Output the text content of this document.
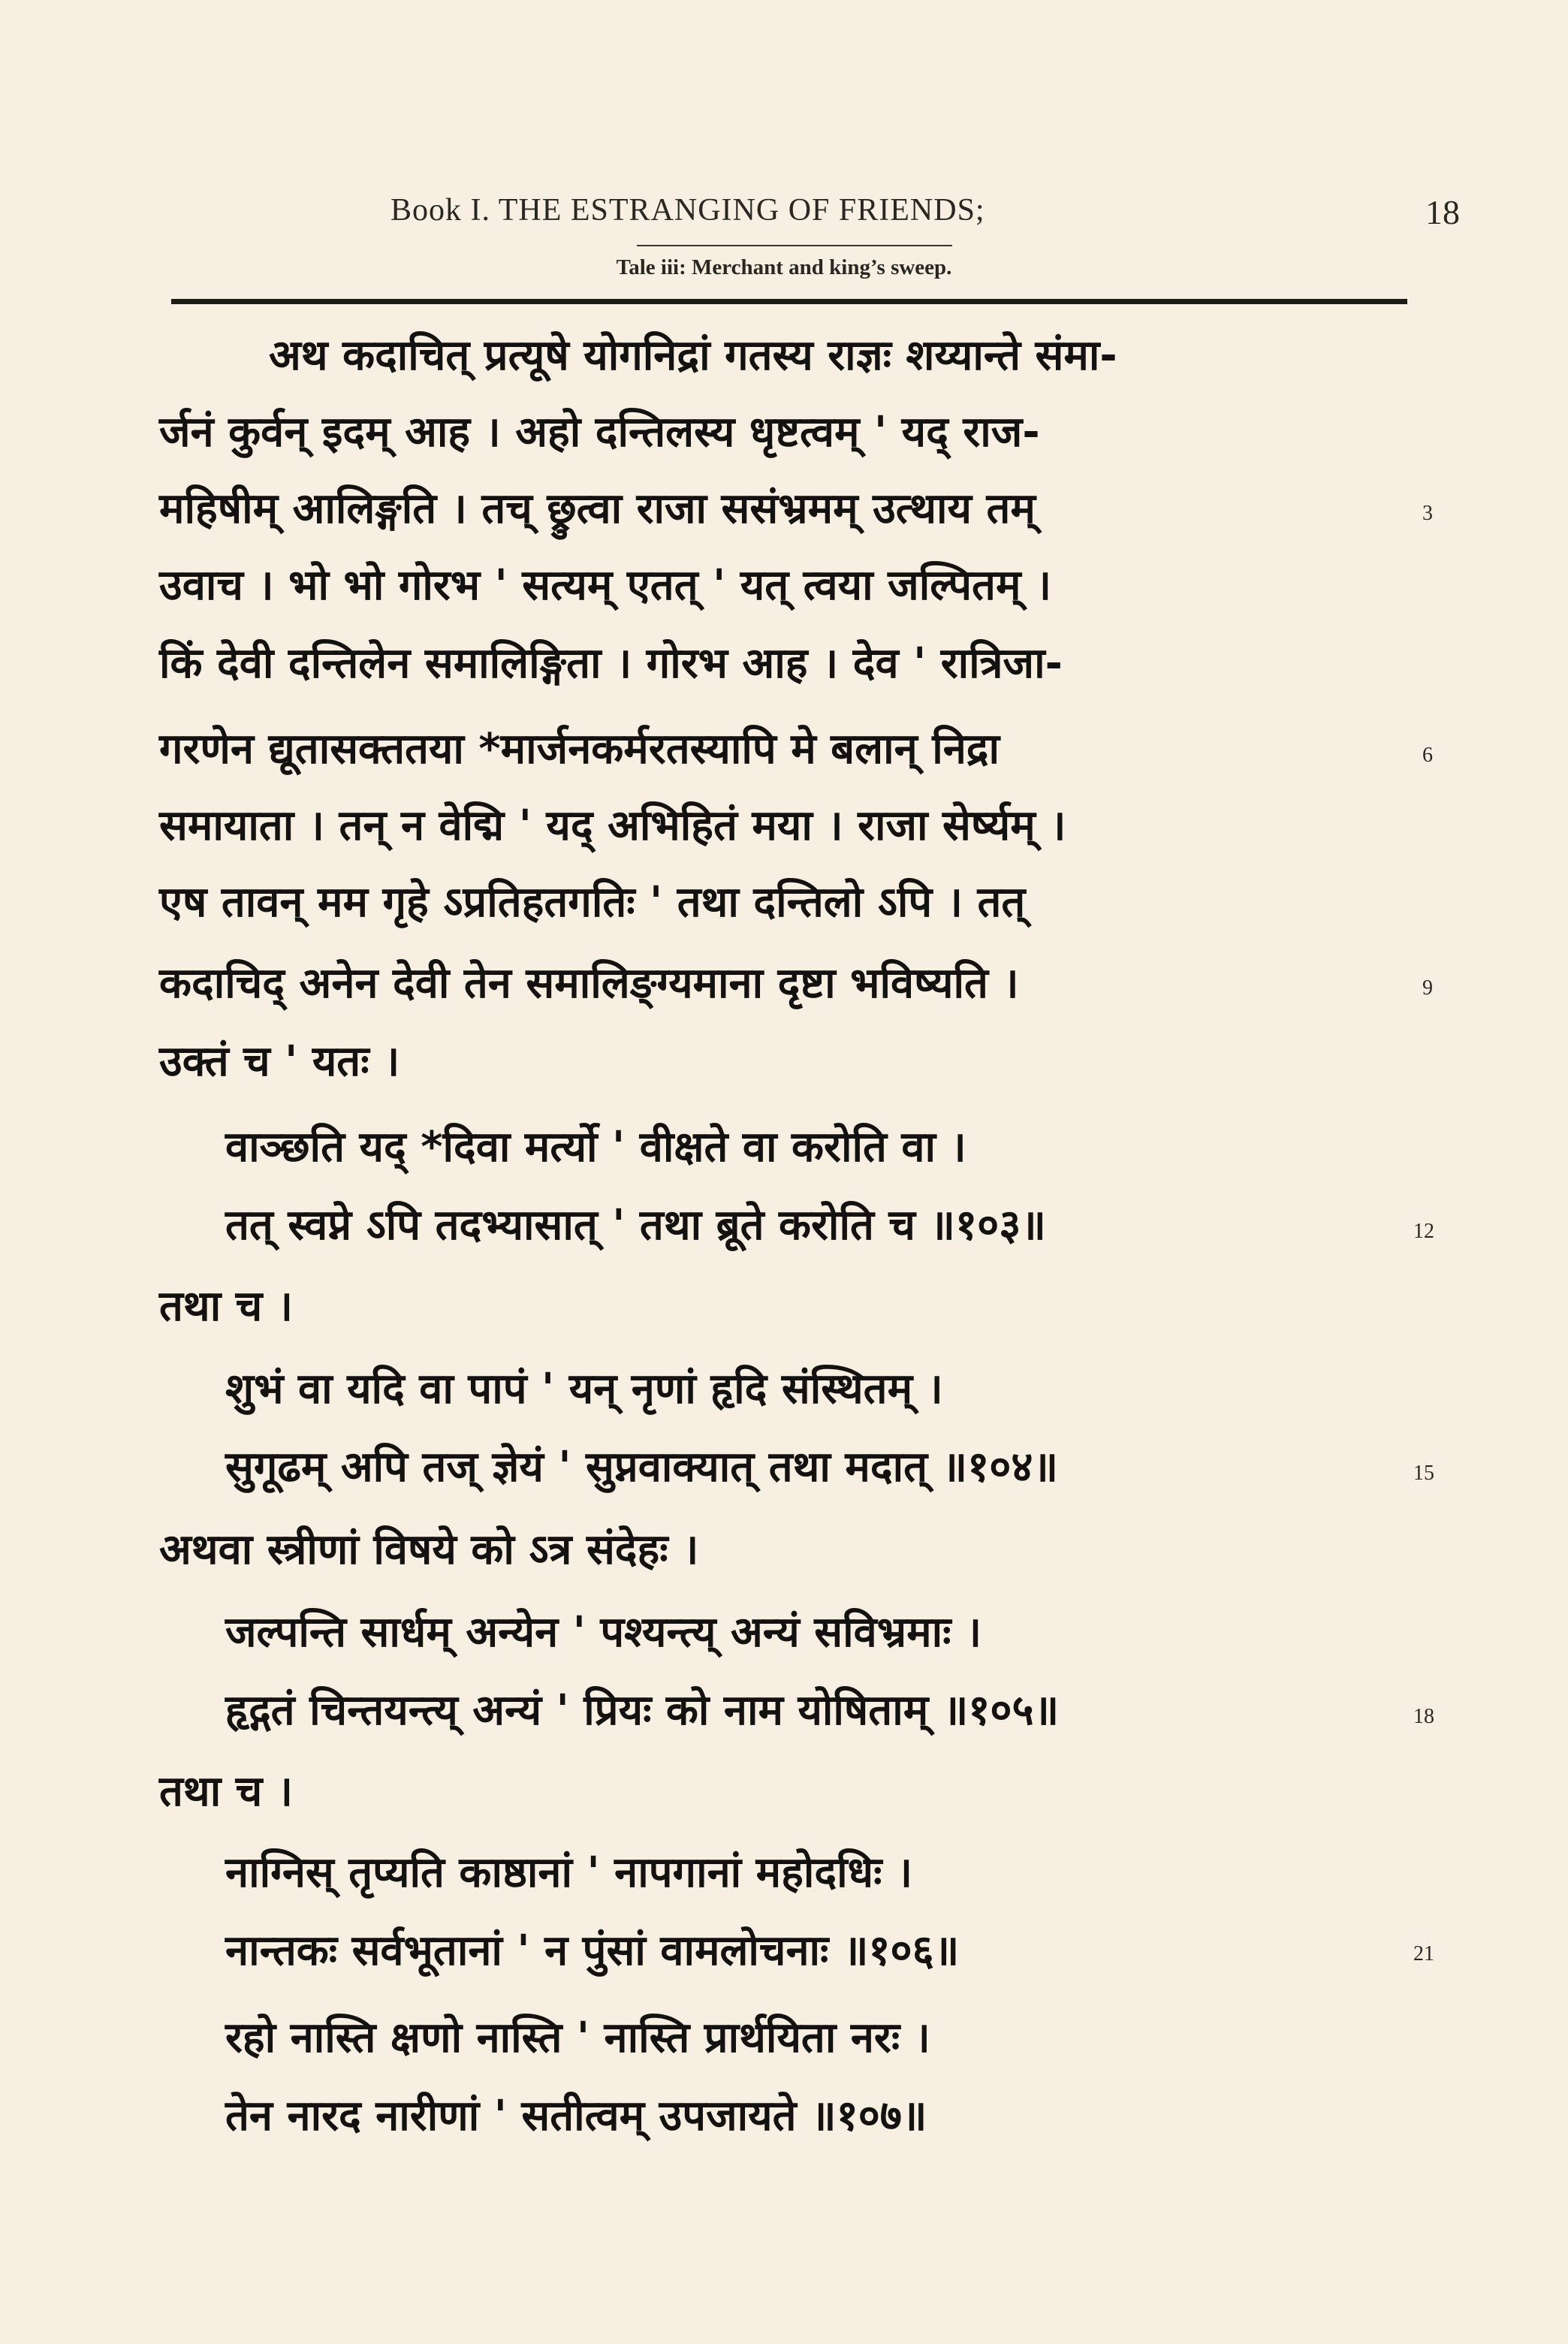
Book I. THE ESTRANGING OF FRIENDS;	18
Tale iii: Merchant and king’s sweep.
अथ कदाचित् प्रत्यूषे योगनिद्रां गतस्य राज्ञः शय्यान्ते संमा-
र्जनं कुर्वन् इदम् आह । अहो दन्तिलस्य धृष्टत्वम् ' यद् राज-
महिषीम् आलिङ्गति । तच् छ्रुत्वा राजा ससंभ्रमम् उत्थाय तम्
उवाच । भो भो गोरभ ' सत्यम् एतत् ' यत् त्वया जल्पितम् ।
किं देवी दन्तिलेन समालिङ्गिता । गोरभ आह । देव ' रात्रिजा-
गरणेन द्यूतासक्ततया *मार्जनकर्मरतस्यापि मे बलान् निद्रा
समायाता । तन् न वेद्मि ' यद् अभिहितं मया । राजा सेर्ष्यम् ।
एष तावन् मम गृहे ऽप्रतिहतगतिः ' तथा दन्तिलो ऽपि । तत्
कदाचिद् अनेन देवी तेन समालिङ्ग्यमाना दृष्टा भविष्यति ।
उक्तं च ' यतः ।
वाञ्छति यद् *दिवा मर्त्यो ' वीक्षते वा करोति वा ।
तत् स्वप्ने ऽपि तदभ्यासात् ' तथा ब्रूते करोति च ॥१०३॥
तथा च ।
शुभं वा यदि वा पापं ' यन् नृणां हृदि संस्थितम् ।
सुगूढम् अपि तज् ज्ञेयं ' सुप्नवाक्यात् तथा मदात् ॥१०४॥
अथवा स्त्रीणां विषये को ऽत्र संदेहः ।
जल्पन्ति सार्धम् अन्येन ' पश्यन्त्य् अन्यं सविभ्रमाः ।
हृद्गतं चिन्तयन्त्य् अन्यं ' प्रियः को नाम योषिताम् ॥१०५॥
तथा च ।
नाग्निस् तृप्यति काष्ठानां ' नापगानां महोदधिः ।
नान्तकः सर्वभूतानां ' न पुंसां वामलोचनाः ॥१०६॥
रहो नास्ति क्षणो नास्ति ' नास्ति प्रार्थयिता नरः ।
तेन नारद नारीणां ' सतीत्वम् उपजायते ॥१०७॥
3
6
9
12
15
18
21
